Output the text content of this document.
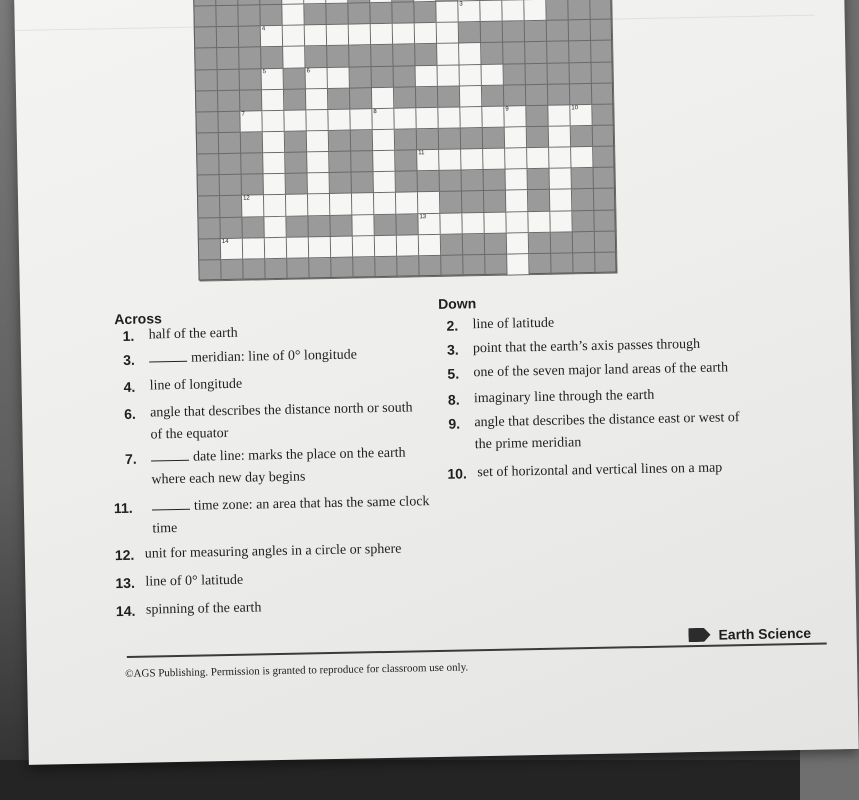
3
4
5	6
7	8	9	10
11
12
13
14
Across
Down
1.	half of the earth
3.	meridian: line of 0° longitude
4.	line of longitude
6.	angle that describes the distance north or south of the equator
7.	date line: marks the place on the earth where each new day begins
11.	time zone: an area that has the same clock time
12. unit for measuring angles in a circle or sphere
13. line of 0° latitude
14. spinning of the earth
2.	line of latitude
3.	point that the earth’s axis passes through
5.	one of the seven major land areas of the earth
8.	imaginary line through the earth
9.	angle that describes the distance east or west of the prime meridian
10. set of horizontal and vertical lines on a map
©AGS Publishing. Permission is granted to reproduce for classroom use only.
Earth Science
